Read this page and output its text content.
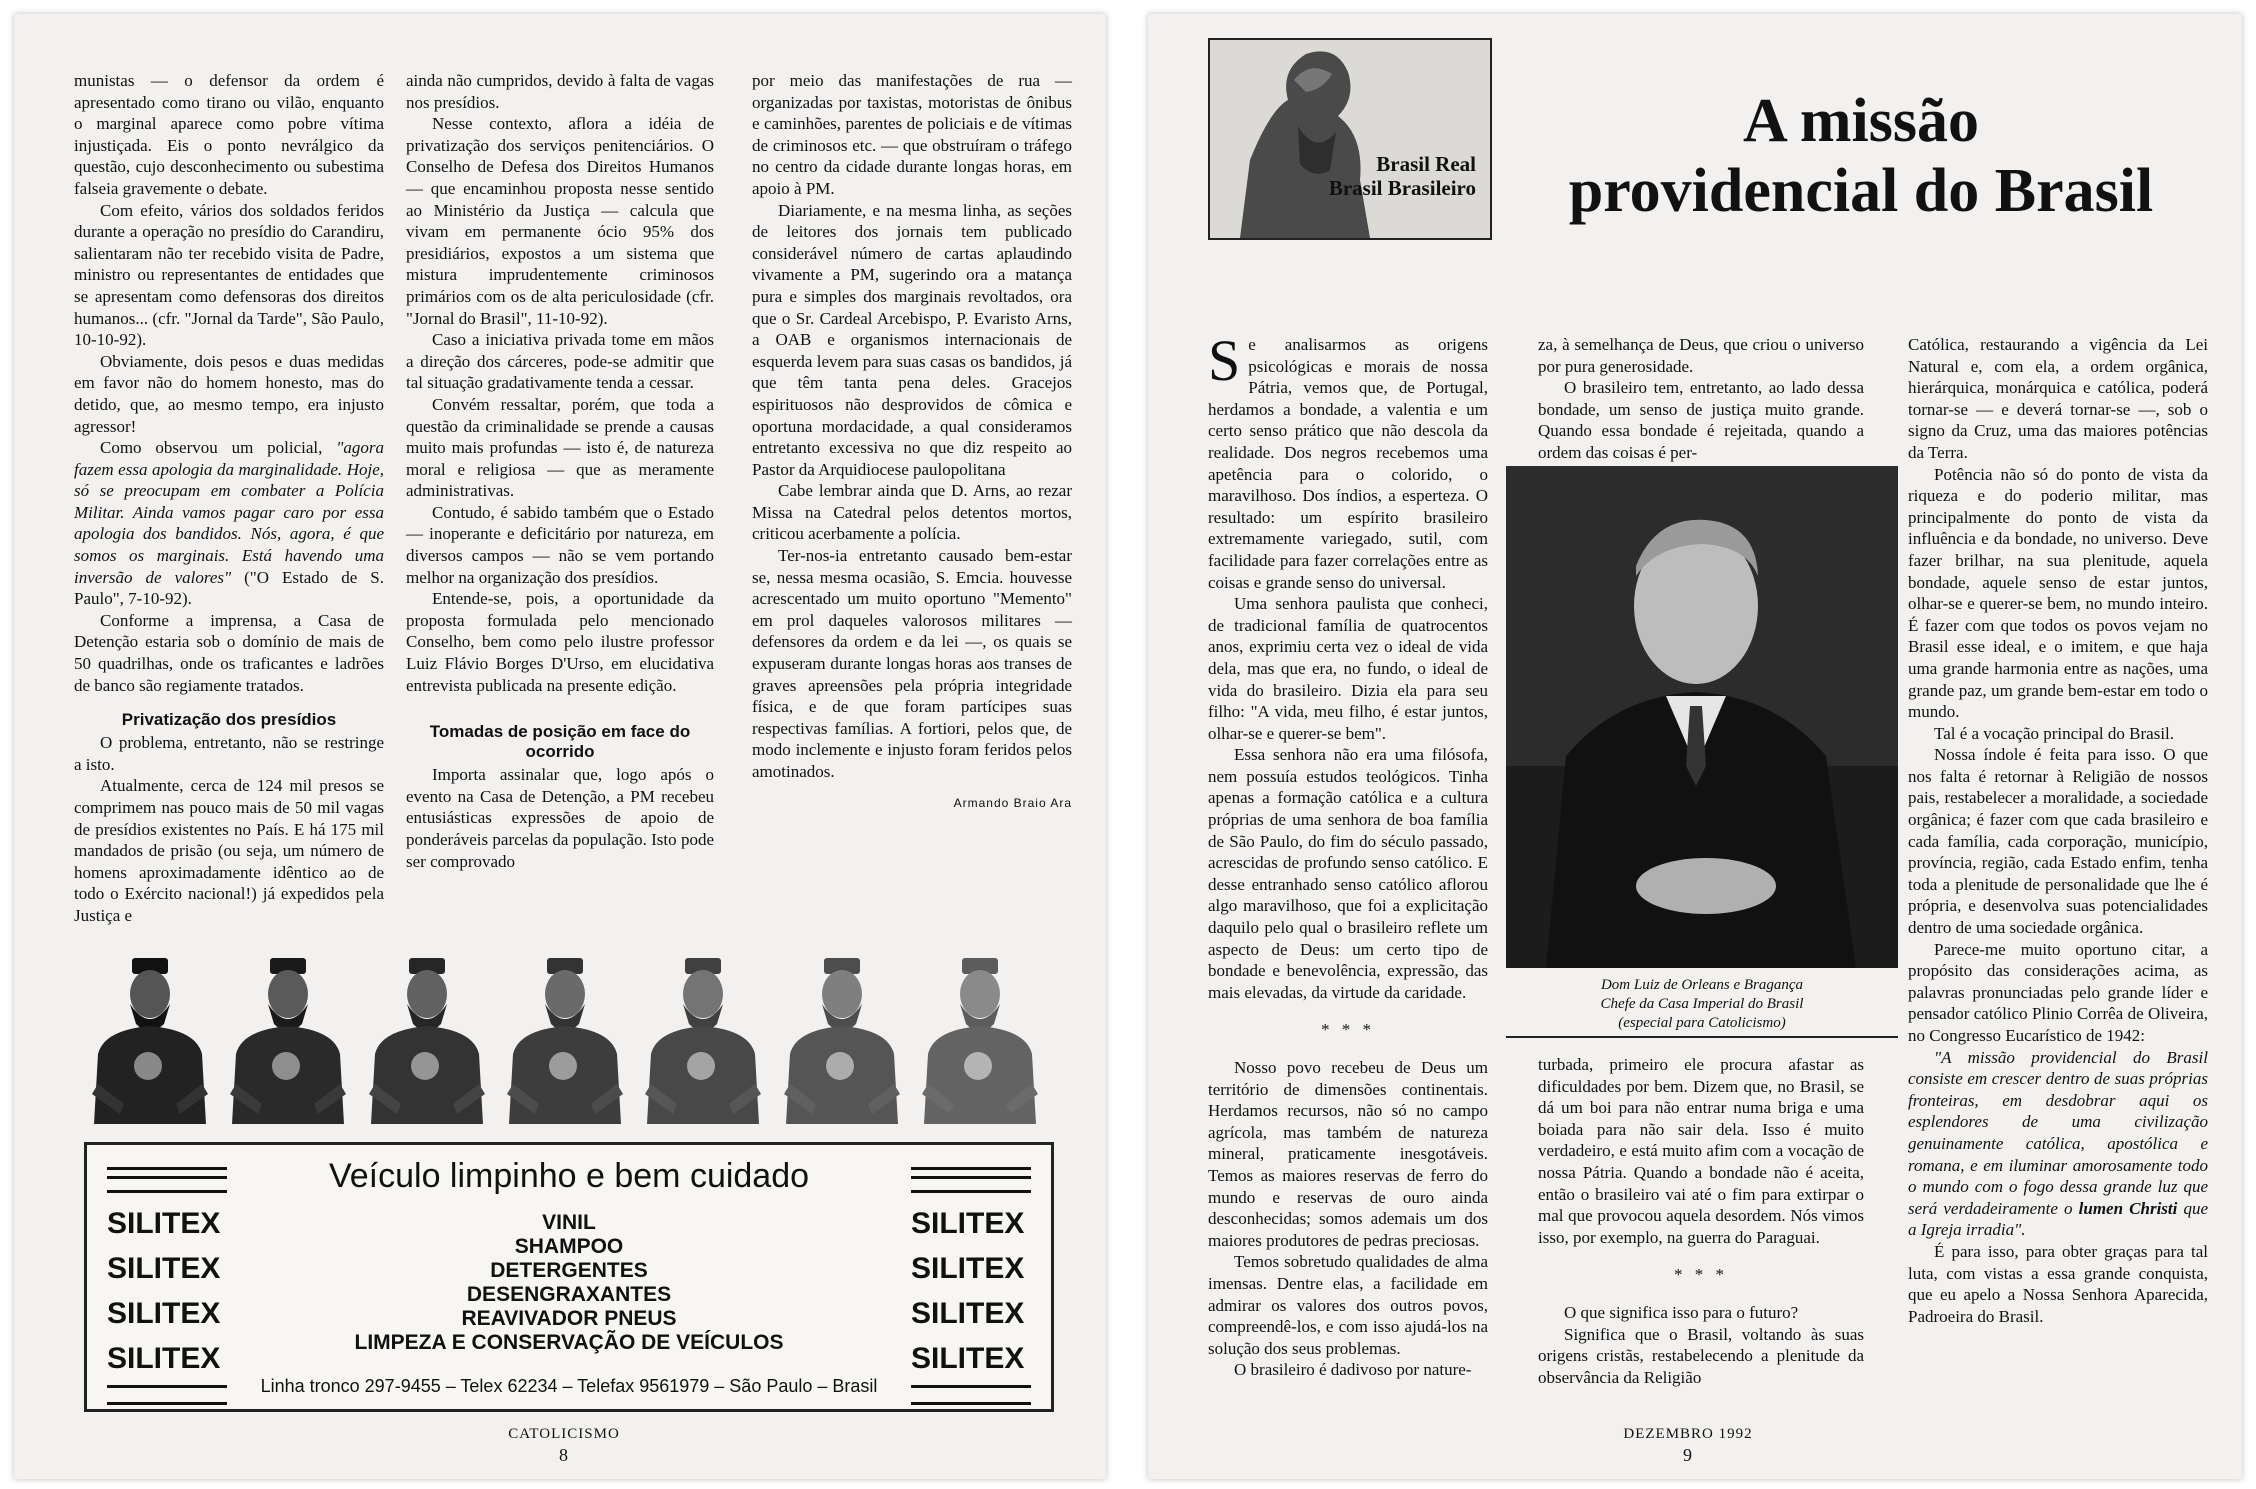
munistas — o defensor da ordem é apresentado como tirano ou vilão, enquanto o marginal aparece como pobre vítima injustiçada. Eis o ponto nevrálgico da questão, cujo desconhecimento ou subestima falseia gravemente o debate.

Com efeito, vários dos soldados feridos durante a operação no presídio do Carandiru, salientaram não ter recebido visita de Padre, ministro ou representantes de entidades que se apresentam como defensoras dos direitos humanos... (cfr. "Jornal da Tarde", São Paulo, 10-10-92).

Obviamente, dois pesos e duas medidas em favor não do homem honesto, mas do detido, que, ao mesmo tempo, era injusto agressor!

Como observou um policial, "agora fazem essa apologia da marginalidade. Hoje, só se preocupam em combater a Polícia Militar. Ainda vamos pagar caro por essa apologia dos bandidos. Nós, agora, é que somos os marginais. Está havendo uma inversão de valores" ("O Estado de S. Paulo", 7-10-92).

Conforme a imprensa, a Casa de Detenção estaria sob o domínio de mais de 50 quadrilhas, onde os traficantes e ladrões de banco são regiamente tratados.

Privatização dos presídios

O problema, entretanto, não se restringe a isto.

Atualmente, cerca de 124 mil presos se comprimem nas pouco mais de 50 mil vagas de presídios existentes no País. E há 175 mil mandados de prisão (ou seja, um número de homens aproximadamente idêntico ao de todo o Exército nacional!) já expedidos pela Justiça e

ainda não cumpridos, devido à falta de vagas nos presídios.

Nesse contexto, aflora a idéia de privatização dos serviços penitenciários. O Conselho de Defesa dos Direitos Humanos — que encaminhou proposta nesse sentido ao Ministério da Justiça — calcula que vivam em permanente ócio 95% dos presidiários, expostos a um sistema que mistura imprudentemente criminosos primários com os de alta periculosidade (cfr. "Jornal do Brasil", 11-10-92).

Caso a iniciativa privada tome em mãos a direção dos cárceres, pode-se admitir que tal situação gradativamente tenda a cessar.

Convém ressaltar, porém, que toda a questão da criminalidade se prende a causas muito mais profundas — isto é, de natureza moral e religiosa — que as meramente administrativas.

Contudo, é sabido também que o Estado — inoperante e deficitário por natureza, em diversos campos — não se vem portando melhor na organização dos presídios.

Entende-se, pois, a oportunidade da proposta formulada pelo mencionado Conselho, bem como pelo ilustre professor Luiz Flávio Borges D'Urso, em elucidativa entrevista publicada na presente edição.

Tomadas de posição em face do ocorrido

Importa assinalar que, logo após o evento na Casa de Detenção, a PM recebeu entusiásticas expressões de apoio de ponderáveis parcelas da população. Isto pode ser comprovado

por meio das manifestações de rua — organizadas por taxistas, motoristas de ônibus e caminhões, parentes de policiais e de vítimas de criminosos etc. — que obstruíram o tráfego no centro da cidade durante longas horas, em apoio à PM.

Diariamente, e na mesma linha, as seções de leitores dos jornais tem publicado considerável número de cartas aplaudindo vivamente a PM, sugerindo ora a matança pura e simples dos marginais revoltados, ora que o Sr. Cardeal Arcebispo, P. Evaristo Arns, a OAB e organismos internacionais de esquerda levem para suas casas os bandidos, já que têm tanta pena deles. Gracejos espirituosos não desprovidos de cômica e oportuna mordacidade, a qual consideramos entretanto excessiva no que diz respeito ao Pastor da Arquidiocese paulopolitana

Cabe lembrar ainda que D. Arns, ao rezar Missa na Catedral pelos detentos mortos, criticou acerbamente a polícia.

Ter-nos-ia entretanto causado bem-estar se, nessa mesma ocasião, S. Emcia. houvesse acrescentado um muito oportuno "Memento" em prol daqueles valorosos militares — defensores da ordem e da lei —, os quais se expuseram durante longas horas aos transes de graves apreensões pela própria integridade física, e de que foram partícipes suas respectivas famílias. A fortiori, pelos que, de modo inclemente e injusto foram feridos pelos amotinados.

Armando Braio Ara
Veículo limpinho e bem cuidado
SILITEX
SILITEX
SILITEX
SILITEX
SILITEX
SILITEX
SILITEX
SILITEX
VINIL
SHAMPOO
DETERGENTES
DESENGRAXANTES
REAVIVADOR PNEUS
LIMPEZA E CONSERVAÇÃO DE VEÍCULOS
Linha tronco 297-9455 – Telex 62234 – Telefax 9561979 – São Paulo – Brasil
CATOLICISMO
8
Brasil Real
Brasil Brasileiro
A missão
providencial do Brasil

Se analisarmos as origens psicológicas e morais de nossa Pátria, vemos que, de Portugal, herdamos a bondade, a valentia e um certo senso prático que não descola da realidade. Dos negros recebemos uma apetência para o colorido, o maravilhoso. Dos índios, a esperteza. O resultado: um espírito brasileiro extremamente variegado, sutil, com facilidade para fazer correlações entre as coisas e grande senso do universal.

Uma senhora paulista que conheci, de tradicional família de quatrocentos anos, exprimiu certa vez o ideal de vida dela, mas que era, no fundo, o ideal de vida do brasileiro. Dizia ela para seu filho: "A vida, meu filho, é estar juntos, olhar-se e querer-se bem".

Essa senhora não era uma filósofa, nem possuía estudos teológicos. Tinha apenas a formação católica e a cultura próprias de uma senhora de boa família de São Paulo, do fim do século passado, acrescidas de profundo senso católico. E desse entranhado senso católico aflorou algo maravilhoso, que foi a explicitação daquilo pelo qual o brasileiro reflete um aspecto de Deus: um certo tipo de bondade e benevolência, expressão, das mais elevadas, da virtude da caridade.

* * *

Nosso povo recebeu de Deus um território de dimensões continentais. Herdamos recursos, não só no campo agrícola, mas também de natureza mineral, praticamente inesgotáveis. Temos as maiores reservas de ferro do mundo e reservas de ouro ainda desconhecidas; somos ademais um dos maiores produtores de pedras preciosas.

Temos sobretudo qualidades de alma imensas. Dentre elas, a facilidade em admirar os valores dos outros povos, compreendê-los, e com isso ajudá-los na solução dos seus problemas.

O brasileiro é dadivoso por nature-

za, à semelhança de Deus, que criou o universo por pura generosidade.

O brasileiro tem, entretanto, ao lado dessa bondade, um senso de justiça muito grande. Quando essa bondade é rejeitada, quando a ordem das coisas é per-

Dom Luiz de Orleans e Bragança
Chefe da Casa Imperial do Brasil
(especial para Catolicismo)

turbada, primeiro ele procura afastar as dificuldades por bem. Dizem que, no Brasil, se dá um boi para não entrar numa briga e uma boiada para não sair dela. Isso é muito verdadeiro, e está muito afim com a vocação de nossa Pátria. Quando a bondade não é aceita, então o brasileiro vai até o fim para extirpar o mal que provocou aquela desordem. Nós vimos isso, por exemplo, na guerra do Paraguai.

* * *

O que significa isso para o futuro?

Significa que o Brasil, voltando às suas origens cristãs, restabelecendo a plenitude da observância da Religião

Católica, restaurando a vigência da Lei Natural e, com ela, a ordem orgânica, hierárquica, monárquica e católica, poderá tornar-se — e deverá tornar-se —, sob o signo da Cruz, uma das maiores potências da Terra.

Potência não só do ponto de vista da riqueza e do poderio militar, mas principalmente do ponto de vista da influência e da bondade, no universo. Deve fazer brilhar, na sua plenitude, aquela bondade, aquele senso de estar juntos, olhar-se e querer-se bem, no mundo inteiro. É fazer com que todos os povos vejam no Brasil esse ideal, e o imitem, e que haja uma grande harmonia entre as nações, uma grande paz, um grande bem-estar em todo o mundo.

Tal é a vocação principal do Brasil.

Nossa índole é feita para isso. O que nos falta é retornar à Religião de nossos pais, restabelecer a moralidade, a sociedade orgânica; é fazer com que cada brasileiro e cada família, cada corporação, município, província, região, cada Estado enfim, tenha toda a plenitude de personalidade que lhe é própria, e desenvolva suas potencialidades dentro de uma sociedade orgânica.

Parece-me muito oportuno citar, a propósito das considerações acima, as palavras pronunciadas pelo grande líder e pensador católico Plinio Corrêa de Oliveira, no Congresso Eucarístico de 1942:

"A missão providencial do Brasil consiste em crescer dentro de suas próprias fronteiras, em desdobrar aqui os esplendores de uma civilização genuinamente católica, apostólica e romana, e em iluminar amorosamente todo o mundo com o fogo dessa grande luz que será verdadeiramente o lumen Christi que a Igreja irradia".

É para isso, para obter graças para tal luta, com vistas a essa grande conquista, que eu apelo a Nossa Senhora Aparecida, Padroeira do Brasil.

DEZEMBRO 1992
9
